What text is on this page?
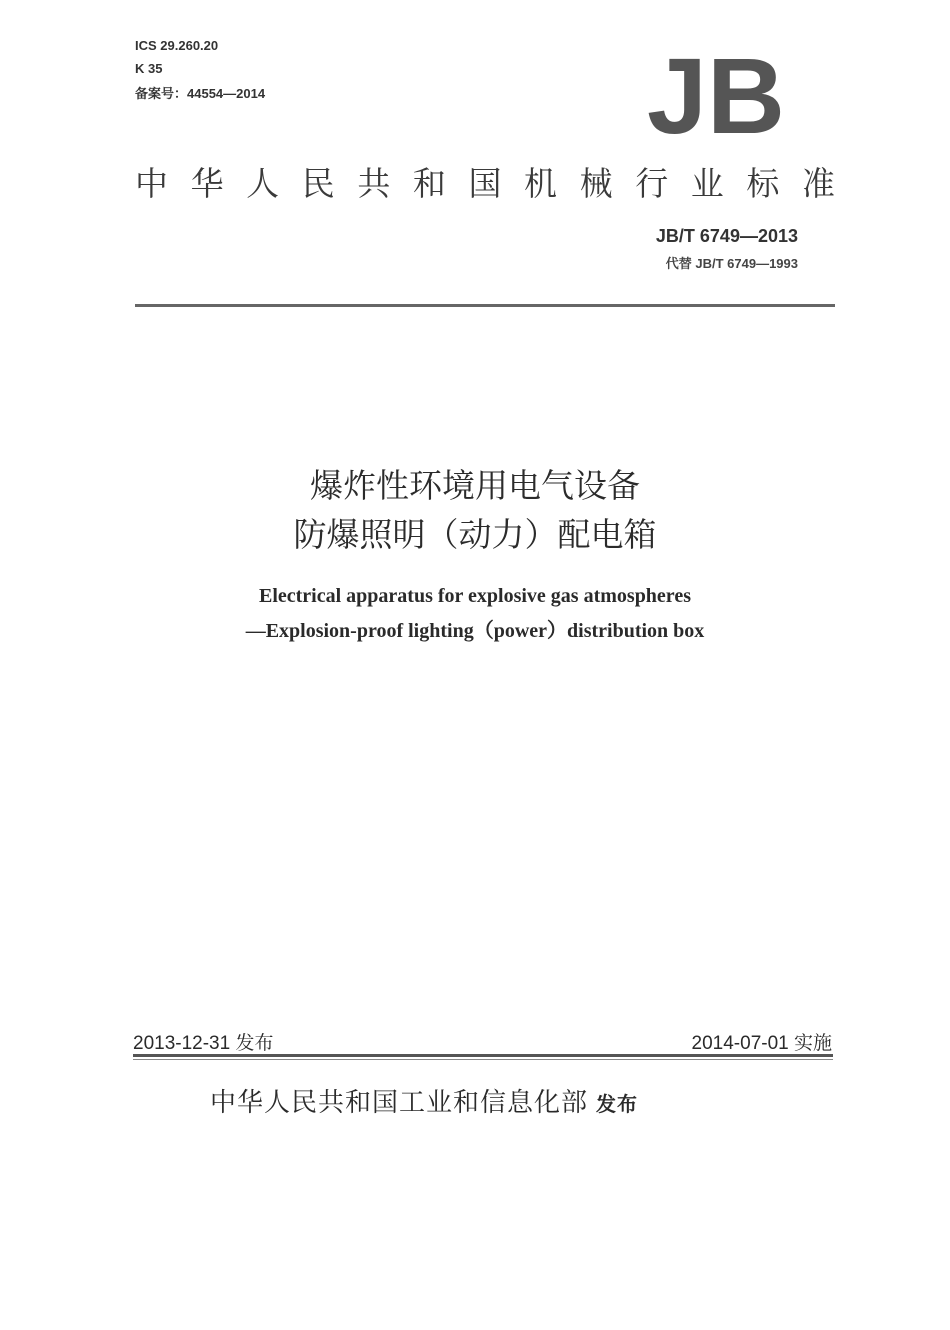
ICS 29.260.20
K 35
备案号：44554—2014	JB
中 华 人 民 共 和 国 机 械 行 业 标 准
JB/T 6749—2013
代替 JB/T 6749—1993
爆炸性环境用电气设备
防爆照明（动力）配电箱
Electrical apparatus for explosive gas atmospheres
—Explosion-proof lighting（power）distribution box
2013-12-31 发布	2014-07-01 实施
中华人民共和国工业和信息化部 发布
